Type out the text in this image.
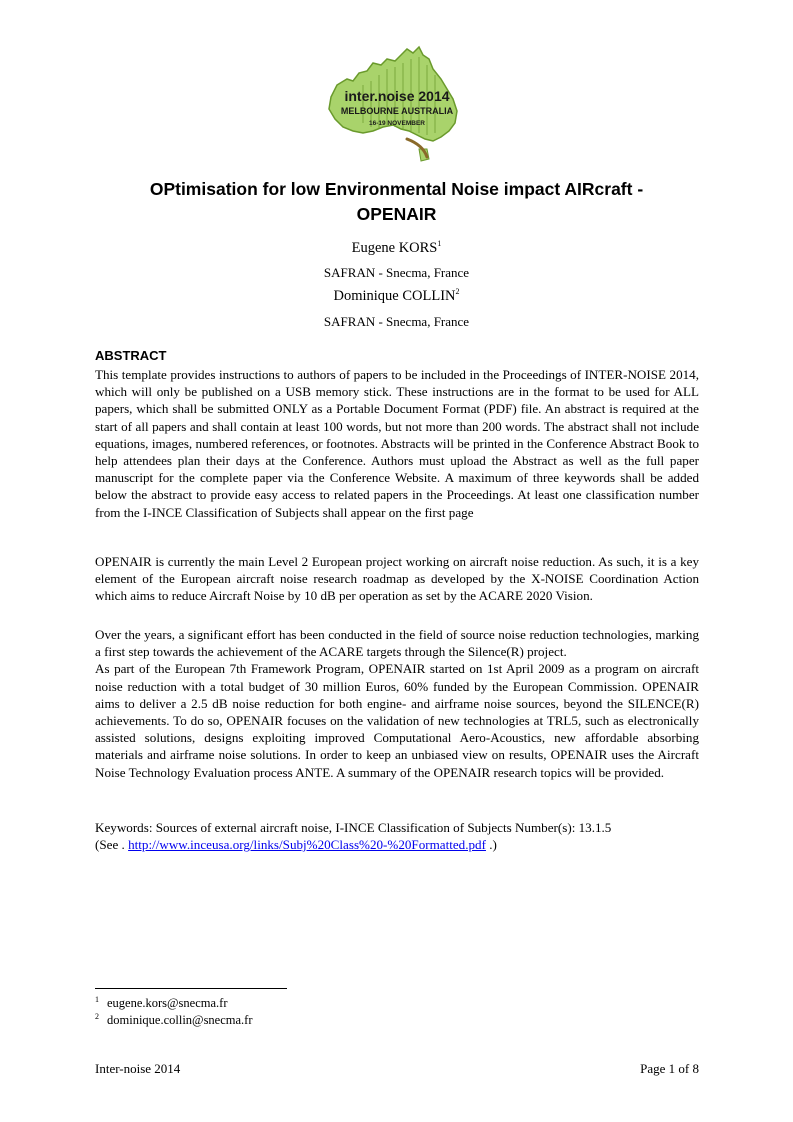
inter.noise 2014
MELBOURNE AUSTRALIA
16-19 NOVEMBER
OPtimisation for low Environmental Noise impact AIRcraft -
OPENAIR
Eugene KORS$^1$
SAFRAN - Snecma, France
Dominique COLLIN$^2$
SAFRAN - Snecma, France
ABSTRACT

This template provides instructions to authors of papers to be included in the Proceedings of INTER-NOISE 2014, which will only be published on a USB memory stick. These instructions are in the format to be used for ALL papers, which shall be submitted ONLY as a Portable Document Format (PDF) file. An abstract is required at the start of all papers and shall contain at least 100 words, but not more than 200 words. The abstract shall not include equations, images, numbered references, or footnotes. Abstracts will be printed in the Conference Abstract Book to help attendees plan their days at the Conference. Authors must upload the Abstract as well as the full paper manuscript for the complete paper via the Conference Website. A maximum of three keywords shall be added below the abstract to provide easy access to related papers in the Proceedings. At least one classification number from the I-INCE Classification of Subjects shall appear on the first page

OPENAIR is currently the main Level 2 European project working on aircraft noise reduction. As such, it is a key element of the European aircraft noise research roadmap as developed by the X-NOISE Coordination Action which aims to reduce Aircraft Noise by 10 dB per operation as set by the ACARE 2020 Vision.

Over the years, a significant effort has been conducted in the field of source noise reduction technologies, marking a first step towards the achievement of the ACARE targets through the Silence(R) project.

As part of the European 7th Framework Program, OPENAIR started on 1st April 2009 as a program on aircraft noise reduction with a total budget of 30 million Euros, 60% funded by the European Commission. OPENAIR aims to deliver a 2.5 dB noise reduction for both engine- and airframe noise sources, beyond the SILENCE(R) achievements. To do so, OPENAIR focuses on the validation of new technologies at TRL5, such as electronically assisted solutions, designs exploiting improved Computational Aero-Acoustics, new affordable absorbing materials and airframe noise solutions. In order to keep an unbiased view on results, OPENAIR uses the Aircraft Noise Technology Evaluation process ANTE. A summary of the OPENAIR research topics will be provided.

Keywords: Sources of external aircraft noise, I-INCE Classification of Subjects Number(s): 13.1.5

(See . http://www.inceusa.org/links/Subj%20Class%20-%20Formatted.pdf .)

$^1$ eugene.kors@snecma.fr
$^2$ dominique.collin@snecma.fr
Inter-noise 2014	Page 1 of 8
